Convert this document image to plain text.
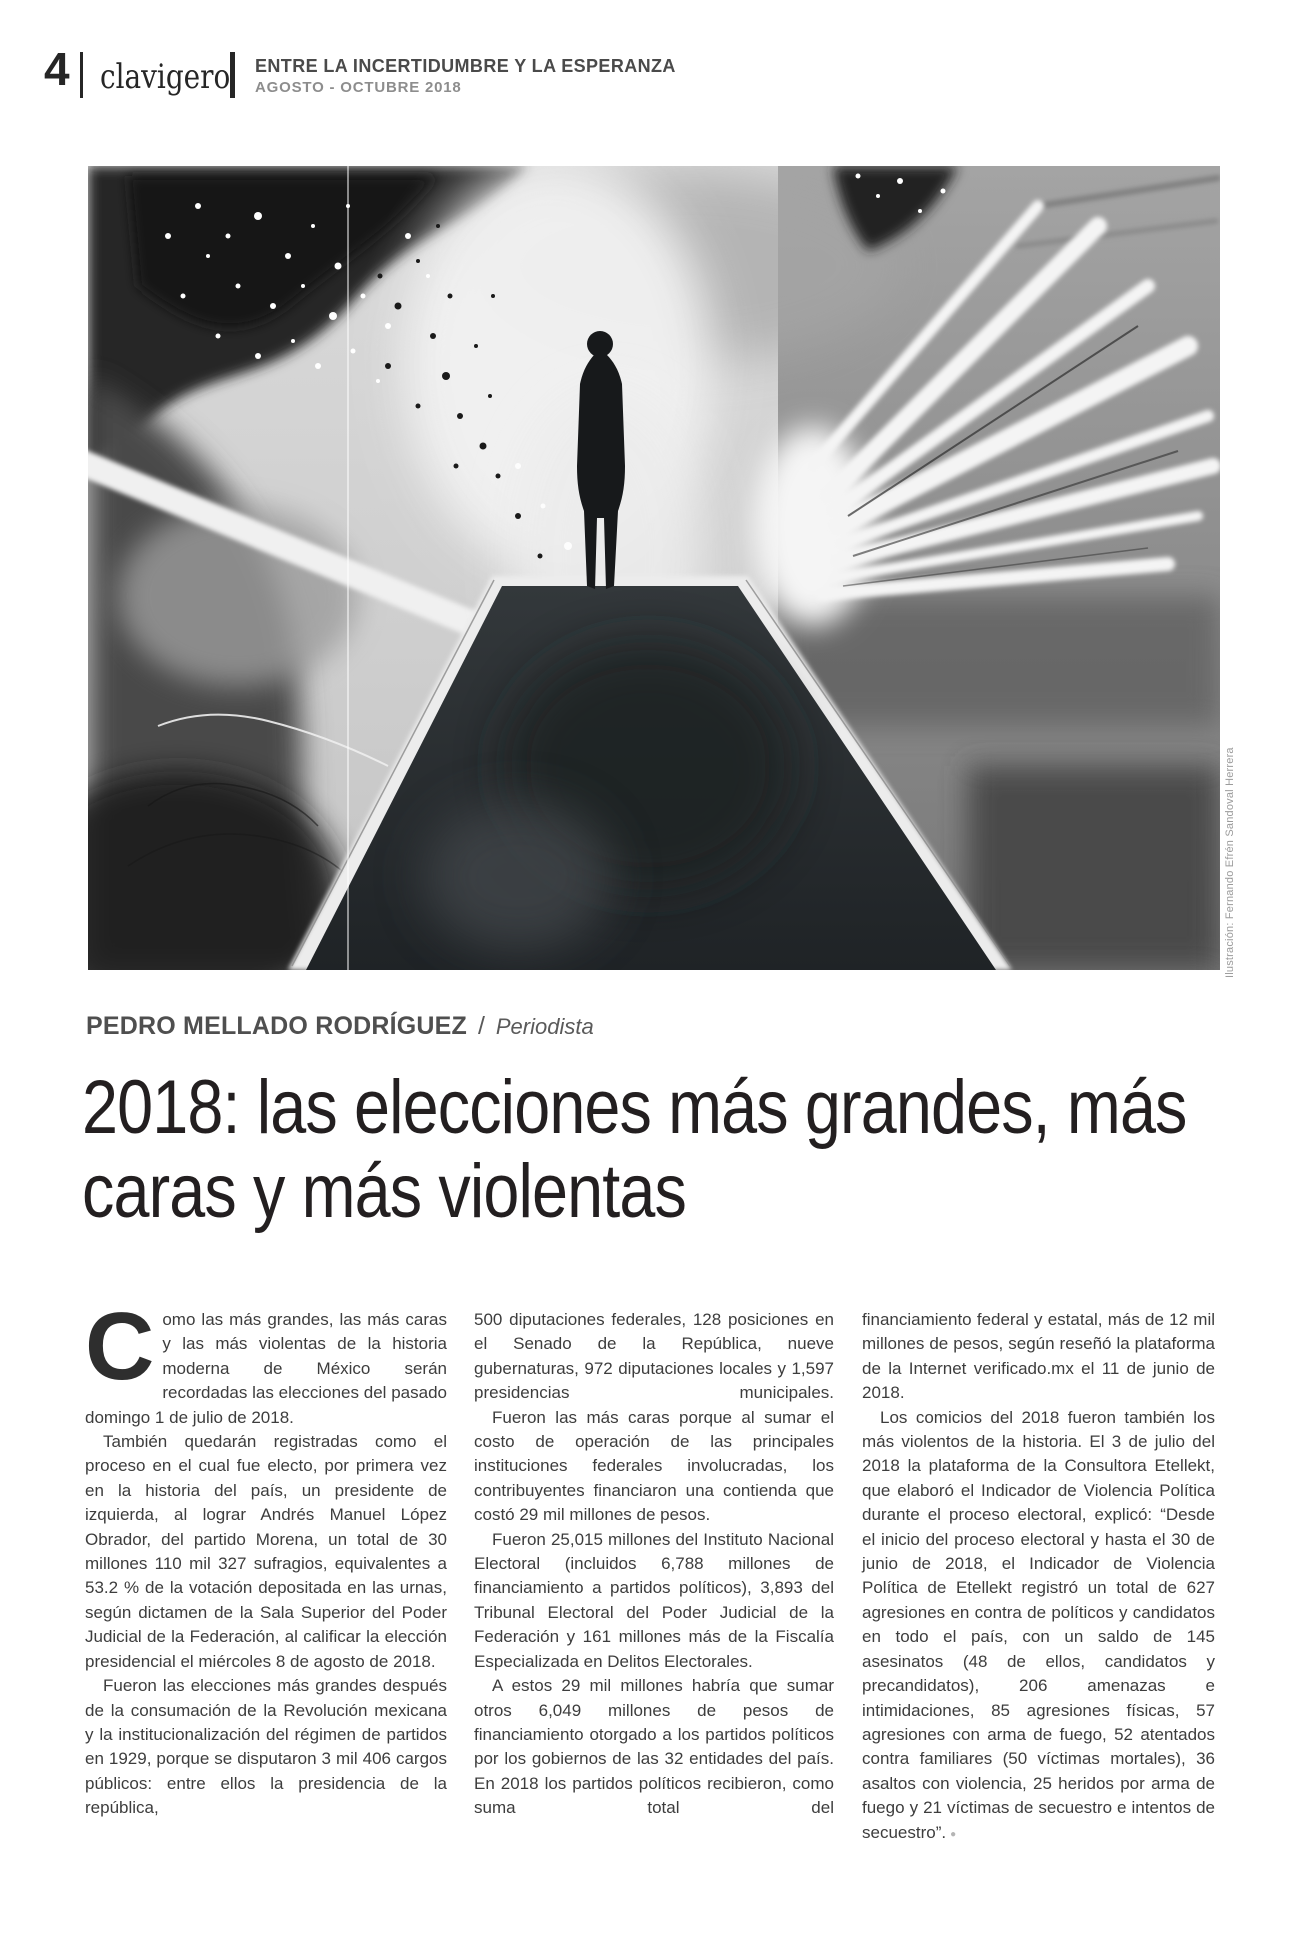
4 clavigero ENTRE LA INCERTIDUMBRE Y LA ESPERANZA
AGOSTO - OCTUBRE 2018
Ilustración: Fernando Efrén Sandoval Herrera
PEDRO MELLADO RODRÍGUEZ / Periodista
2018: las elecciones más grandes, más caras y más violentas

Como las más grandes, las más caras y las más violentas de la historia moderna de México serán recordadas las elecciones del pasado domingo 1 de julio de 2018.

También quedarán registradas como el proceso en el cual fue electo, por primera vez en la historia del país, un presidente de izquierda, al lograr Andrés Manuel López Obrador, del partido Morena, un total de 30 millones 110 mil 327 sufragios, equivalentes a 53.2 % de la votación depositada en las urnas, según dictamen de la Sala Superior del Poder Judicial de la Federación, al calificar la elección presidencial el miércoles 8 de agosto de 2018.

Fueron las elecciones más grandes después de la consumación de la Revolución mexicana y la institucionalización del régimen de partidos en 1929, porque se disputaron 3 mil 406 cargos públicos: entre ellos la presidencia de la república,

500 diputaciones federales, 128 posiciones en el Senado de la República, nueve gubernaturas, 972 diputaciones locales y 1,597 presidencias municipales.

Fueron las más caras porque al sumar el costo de operación de las principales instituciones federales involucradas, los contribuyentes financiaron una contienda que costó 29 mil millones de pesos.

Fueron 25,015 millones del Instituto Nacional Electoral (incluidos 6,788 millones de financiamiento a partidos políticos), 3,893 del Tribunal Electoral del Poder Judicial de la Federación y 161 millones más de la Fiscalía Especializada en Delitos Electorales.

A estos 29 mil millones habría que sumar otros 6,049 millones de pesos de financiamiento otorgado a los partidos políticos por los gobiernos de las 32 entidades del país. En 2018 los partidos políticos recibieron, como suma total del

financiamiento federal y estatal, más de 12 mil millones de pesos, según reseñó la plataforma de la Internet verificado.mx el 11 de junio de 2018.

Los comicios del 2018 fueron también los más violentos de la historia. El 3 de julio del 2018 la plataforma de la Consultora Etellekt, que elaboró el Indicador de Violencia Política durante el proceso electoral, explicó: “Desde el inicio del proceso electoral y hasta el 30 de junio de 2018, el Indicador de Violencia Política de Etellekt registró un total de 627 agresiones en contra de políticos y candidatos en todo el país, con un saldo de 145 asesinatos (48 de ellos, candidatos y precandidatos), 206 amenazas e intimidaciones, 85 agresiones físicas, 57 agresiones con arma de fuego, 52 atentados contra familiares (50 víctimas mortales), 36 asaltos con violencia, 25 heridos por arma de fuego y 21 víctimas de secuestro e intentos de secuestro”. ●
